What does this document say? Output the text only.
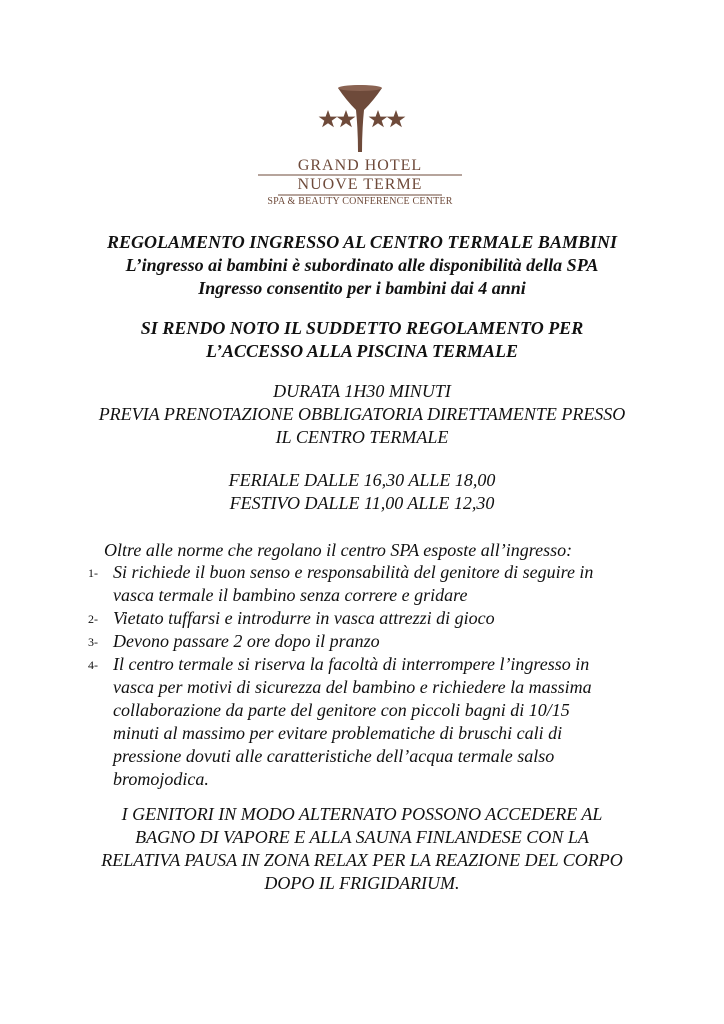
GRAND HOTEL
NUOVE TERME
SPA & BEAUTY CONFERENCE CENTER
REGOLAMENTO INGRESSO AL CENTRO TERMALE BAMBINI
L’ingresso ai bambini è subordinato alle disponibilità della SPA
Ingresso consentito per i bambini dai 4 anni
SI RENDO NOTO IL SUDDETTO REGOLAMENTO PER
L’ACCESSO ALLA PISCINA TERMALE
DURATA 1H30 MINUTI
PREVIA PRENOTAZIONE OBBLIGATORIA DIRETTAMENTE PRESSO
IL CENTRO TERMALE
FERIALE DALLE 16,30 ALLE 18,00
FESTIVO DALLE 11,00 ALLE 12,30
Oltre alle norme che regolano il centro SPA esposte all’ingresso:
1- Si richiede il buon senso e responsabilità del genitore di seguire in
vasca termale il bambino senza correre e gridare
2- Vietato tuffarsi e introdurre in vasca attrezzi di gioco
3- Devono passare 2 ore dopo il pranzo
4- Il centro termale si riserva la facoltà di interrompere l’ingresso in
vasca per motivi di sicurezza del bambino e richiedere la massima
collaborazione da parte del genitore con piccoli bagni di 10/15
minuti al massimo per evitare problematiche di bruschi cali di
pressione dovuti alle caratteristiche dell’acqua termale salso
bromojodica.
I GENITORI IN MODO ALTERNATO POSSONO ACCEDERE AL
BAGNO DI VAPORE E ALLA SAUNA FINLANDESE CON LA
RELATIVA PAUSA IN ZONA RELAX PER LA REAZIONE DEL CORPO
DOPO IL FRIGIDARIUM.
